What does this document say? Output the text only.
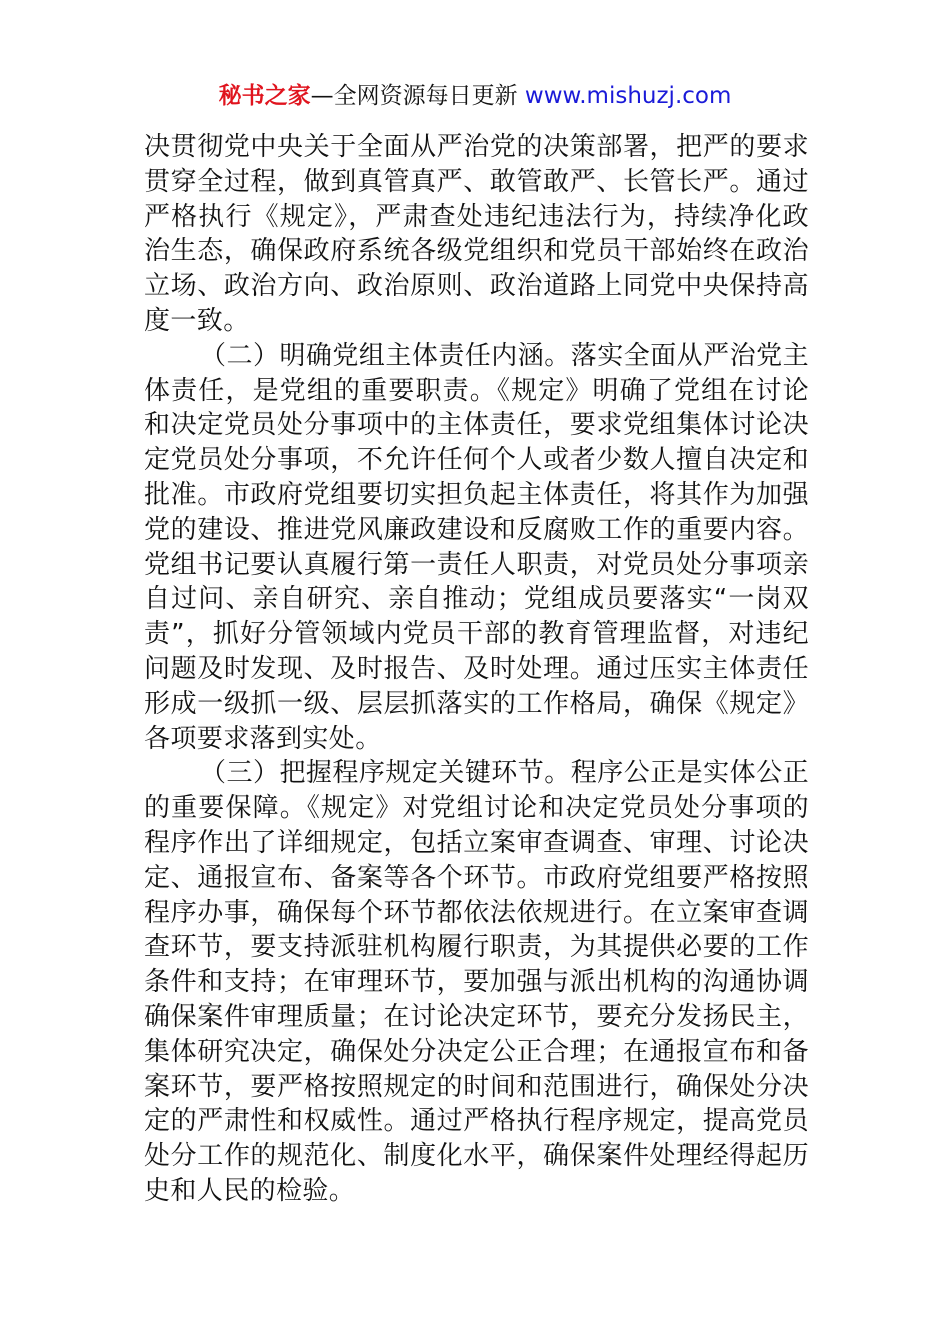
秘书之家—全网资源每日更新 www.mishuzj.com

决贯彻党中央关于全面从严治党的决策部署，把严的要求贯穿全过程，做到真管真严、敢管敢严、长管长严。通过严格执行《规定》，严肃查处违纪违法行为，持续净化政治生态，确保政府系统各级党组织和党员干部始终在政治立场、政治方向、政治原则、政治道路上同党中央保持高度一致。

（二）明确党组主体责任内涵。落实全面从严治党主体责任，是党组的重要职责。《规定》明确了党组在讨论和决定党员处分事项中的主体责任，要求党组集体讨论决定党员处分事项，不允许任何个人或者少数人擅自决定和批准。市政府党组要切实担负起主体责任，将其作为加强党的建设、推进党风廉政建设和反腐败工作的重要内容。党组书记要认真履行第一责任人职责，对党员处分事项亲自过问、亲自研究、亲自推动；党组成员要落实“一岗双责”，抓好分管领域内党员干部的教育管理监督，对违纪问题及时发现、及时报告、及时处理。通过压实主体责任形成一级抓一级、层层抓落实的工作格局，确保《规定》各项要求落到实处。

（三）把握程序规定关键环节。程序公正是实体公正的重要保障。《规定》对党组讨论和决定党员处分事项的程序作出了详细规定，包括立案审查调查、审理、讨论决定、通报宣布、备案等各个环节。市政府党组要严格按照程序办事，确保每个环节都依法依规进行。在立案审查调查环节，要支持派驻机构履行职责，为其提供必要的工作条件和支持；在审理环节，要加强与派出机构的沟通协调确保案件审理质量；在讨论决定环节，要充分发扬民主，集体研究决定，确保处分决定公正合理；在通报宣布和备案环节，要严格按照规定的时间和范围进行，确保处分决定的严肃性和权威性。通过严格执行程序规定，提高党员处分工作的规范化、制度化水平，确保案件处理经得起历史和人民的检验。
